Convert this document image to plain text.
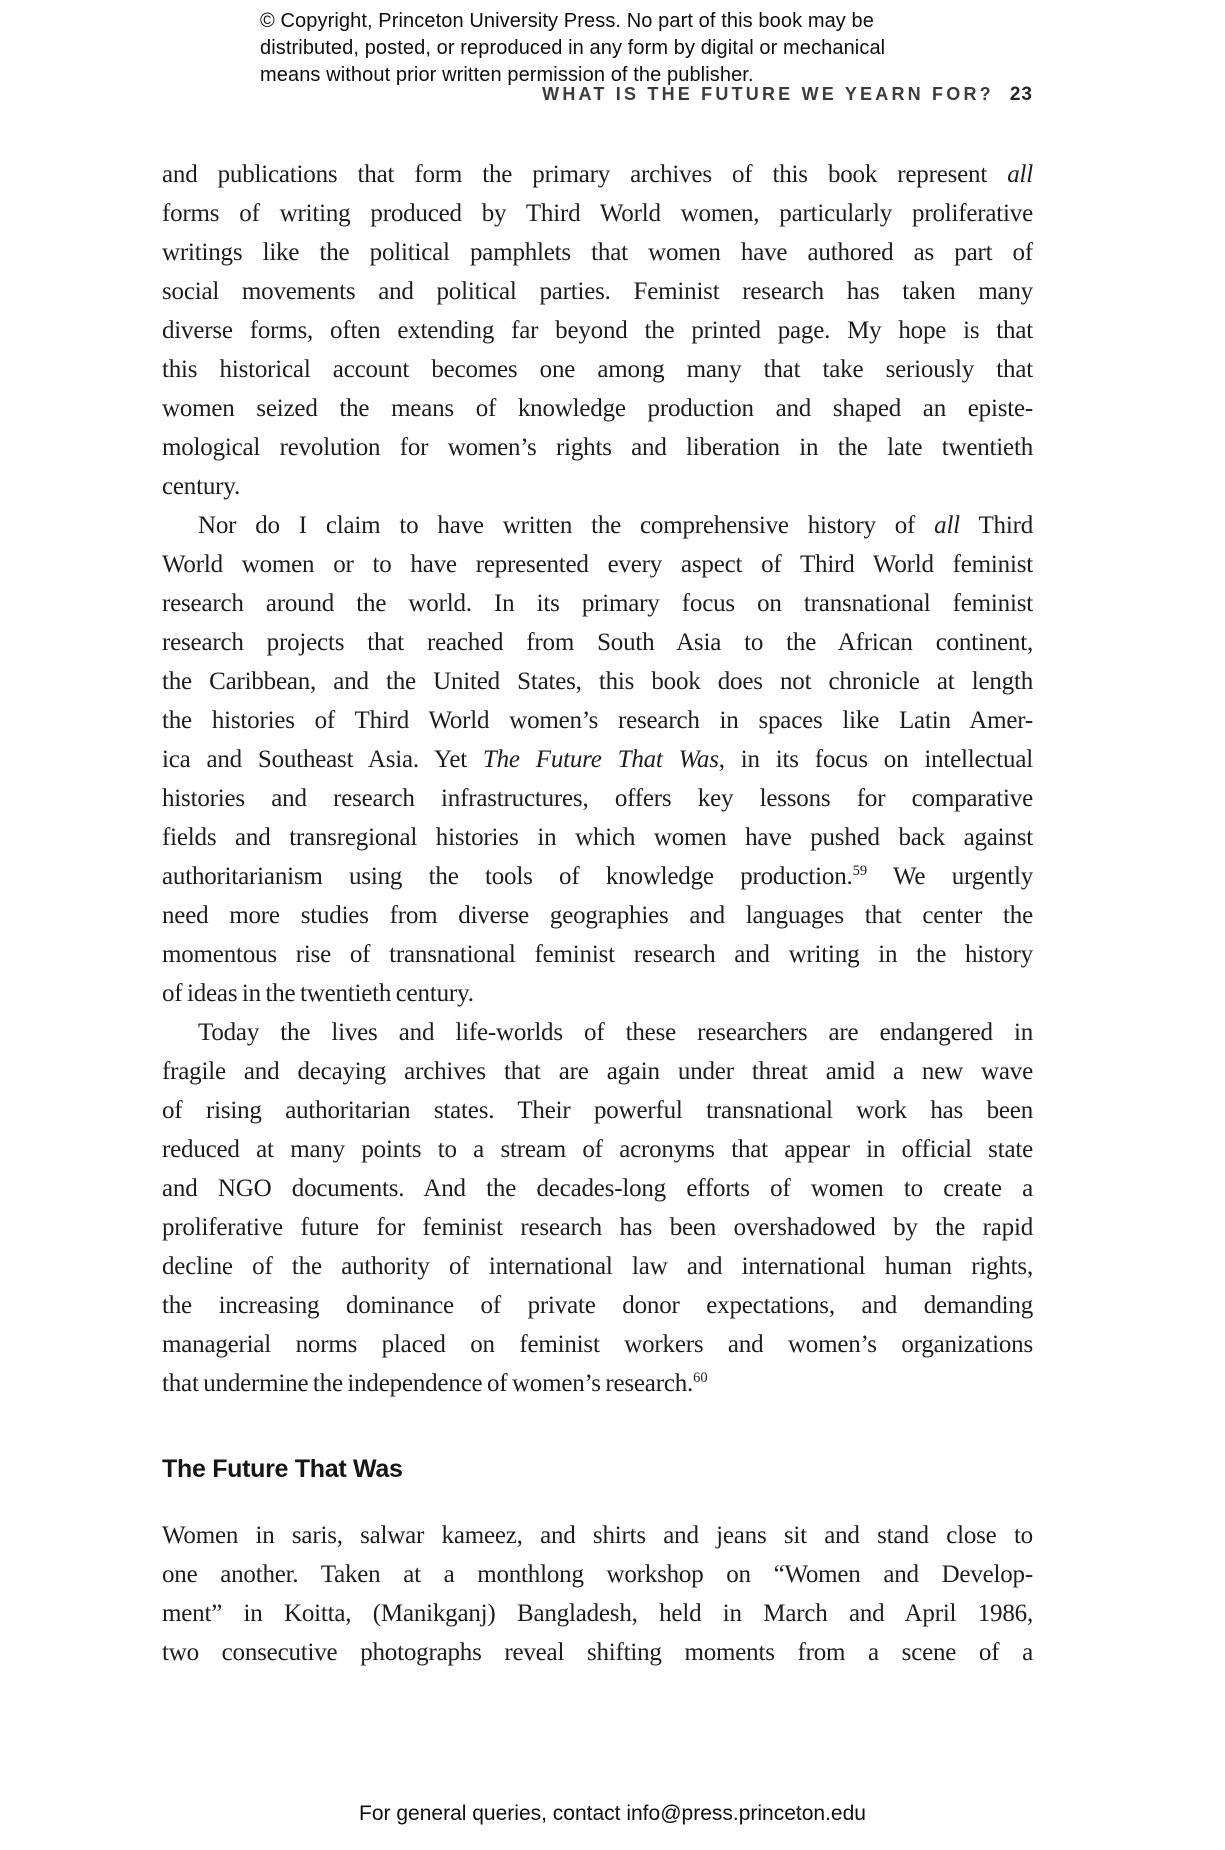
© Copyright, Princeton University Press. No part of this book may be
distributed, posted, or reproduced in any form by digital or mechanical
means without prior written permission of the publisher.
WHAT IS THE FUTURE WE YEARN FOR? 23
and publications that form the primary archives of this book represent all
forms of writing produced by Third World women, particularly proliferative
writings like the political pamphlets that women have authored as part of
social movements and political parties. Feminist research has taken many
diverse forms, often extending far beyond the printed page. My hope is that
this historical account becomes one among many that take seriously that
women seized the means of knowledge production and shaped an episte-
mological revolution for women’s rights and liberation in the late twentieth
century.
Nor do I claim to have written the comprehensive history of all Third
World women or to have represented every aspect of Third World feminist
research around the world. In its primary focus on transnational feminist
research projects that reached from South Asia to the African continent,
the Caribbean, and the United States, this book does not chronicle at length
the histories of Third World women’s research in spaces like Latin Amer-
ica and Southeast Asia. Yet The Future That Was, in its focus on intellectual
histories and research infrastructures, offers key lessons for comparative
fields and transregional histories in which women have pushed back against
authoritarianism using the tools of knowledge production.$^{59}$ We urgently
need more studies from diverse geographies and languages that center the
momentous rise of transnational feminist research and writing in the history
of ideas in the twentieth century.
Today the lives and life-worlds of these researchers are endangered in
fragile and decaying archives that are again under threat amid a new wave
of rising authoritarian states. Their powerful transnational work has been
reduced at many points to a stream of acronyms that appear in official state
and NGO documents. And the decades-long efforts of women to create a
proliferative future for feminist research has been overshadowed by the rapid
decline of the authority of international law and international human rights,
the increasing dominance of private donor expectations, and demanding
managerial norms placed on feminist workers and women’s organizations
that undermine the independence of women’s research.$^{60}$
The Future That Was
Women in saris, salwar kameez, and shirts and jeans sit and stand close to
one another. Taken at a monthlong workshop on “Women and Develop-
ment” in Koitta, (Manikganj) Bangladesh, held in March and April 1986,
two consecutive photographs reveal shifting moments from a scene of a
For general queries, contact info@press.princeton.edu
